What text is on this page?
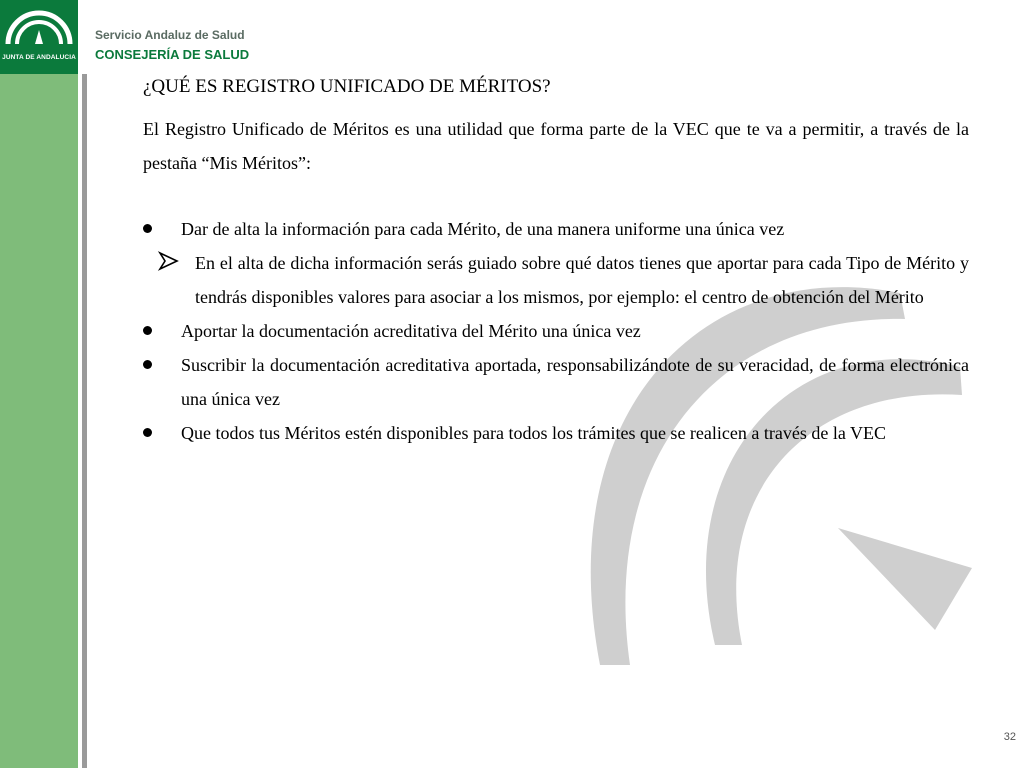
JUNTA DE ANDALUCIA
Servicio Andaluz de Salud
CONSEJERÍA DE SALUD
¿QUÉ ES REGISTRO UNIFICADO DE MÉRITOS?

El Registro Unificado de Méritos es una utilidad que forma parte de la VEC que te va a permitir, a través de la pestaña “Mis Méritos”:

Dar de alta la información para cada Mérito, de una manera uniforme una única vez
En el alta de dicha información serás guiado sobre qué datos tienes que aportar para cada Tipo de Mérito y tendrás disponibles valores para asociar a los mismos, por ejemplo: el centro de obtención del Mérito
Aportar la documentación acreditativa del Mérito una única vez
Suscribir la documentación acreditativa aportada, responsabilizándote de su veracidad, de forma electrónica una única vez
Que todos tus Méritos estén disponibles para todos los trámites que se realicen a través de la VEC
32
